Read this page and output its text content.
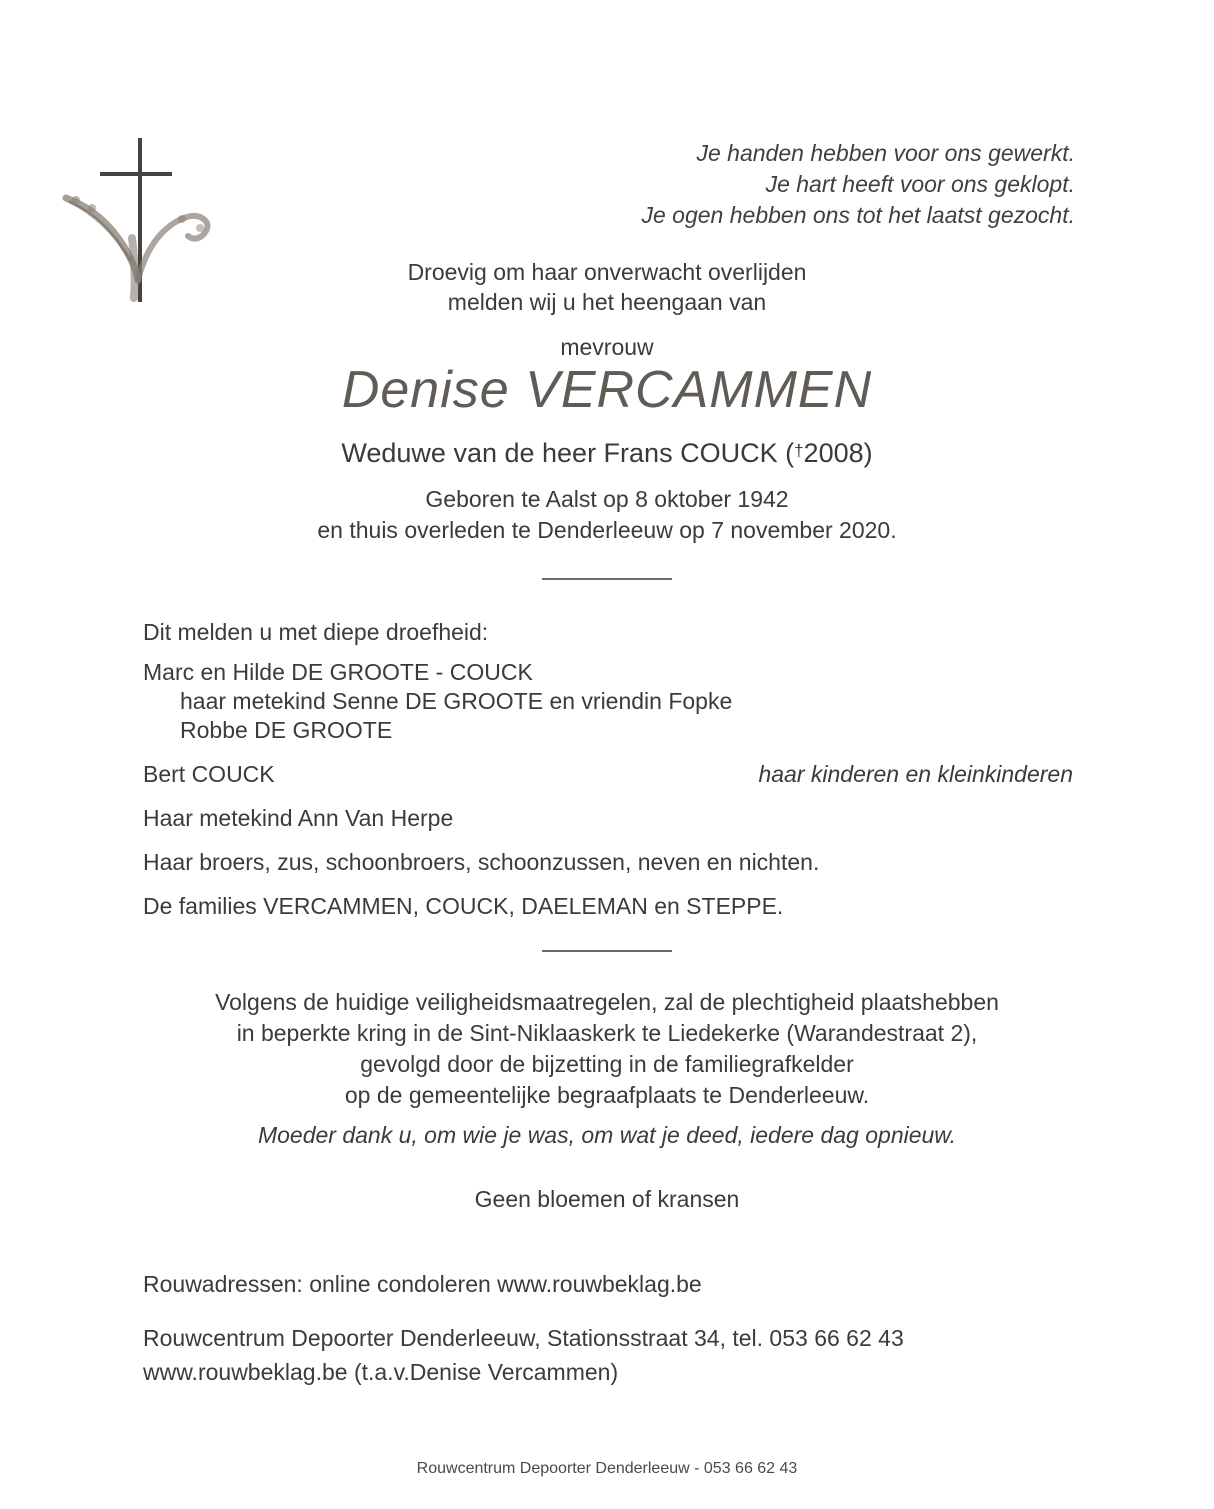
Je handen hebben voor ons gewerkt.
Je hart heeft voor ons geklopt.
Je ogen hebben ons tot het laatst gezocht.
Droevig om haar onverwacht overlijden
melden wij u het heengaan van
mevrouw
Denise VERCAMMEN
Weduwe van de heer Frans COUCK (†2008)
Geboren te Aalst op 8 oktober 1942
en thuis overleden te Denderleeuw op 7 november 2020.
Dit melden u met diepe droefheid:
Marc en Hilde DE GROOTE - COUCK
haar metekind Senne DE GROOTE en vriendin Fopke
Robbe DE GROOTE
Bert COUCK	haar kinderen en kleinkinderen
Haar metekind Ann Van Herpe
Haar broers, zus, schoonbroers, schoonzussen, neven en nichten.
De families VERCAMMEN, COUCK, DAELEMAN en STEPPE.
Volgens de huidige veiligheidsmaatregelen, zal de plechtigheid plaatshebben
in beperkte kring in de Sint-Niklaaskerk te Liedekerke (Warandestraat 2),
gevolgd door de bijzetting in de familiegrafkelder
op de gemeentelijke begraafplaats te Denderleeuw.
Moeder dank u, om wie je was, om wat je deed, iedere dag opnieuw.
Geen bloemen of kransen
Rouwadressen: online condoleren www.rouwbeklag.be
Rouwcentrum Depoorter Denderleeuw, Stationsstraat 34, tel. 053 66 62 43
www.rouwbeklag.be (t.a.v.Denise Vercammen)
Rouwcentrum Depoorter Denderleeuw - 053 66 62 43
